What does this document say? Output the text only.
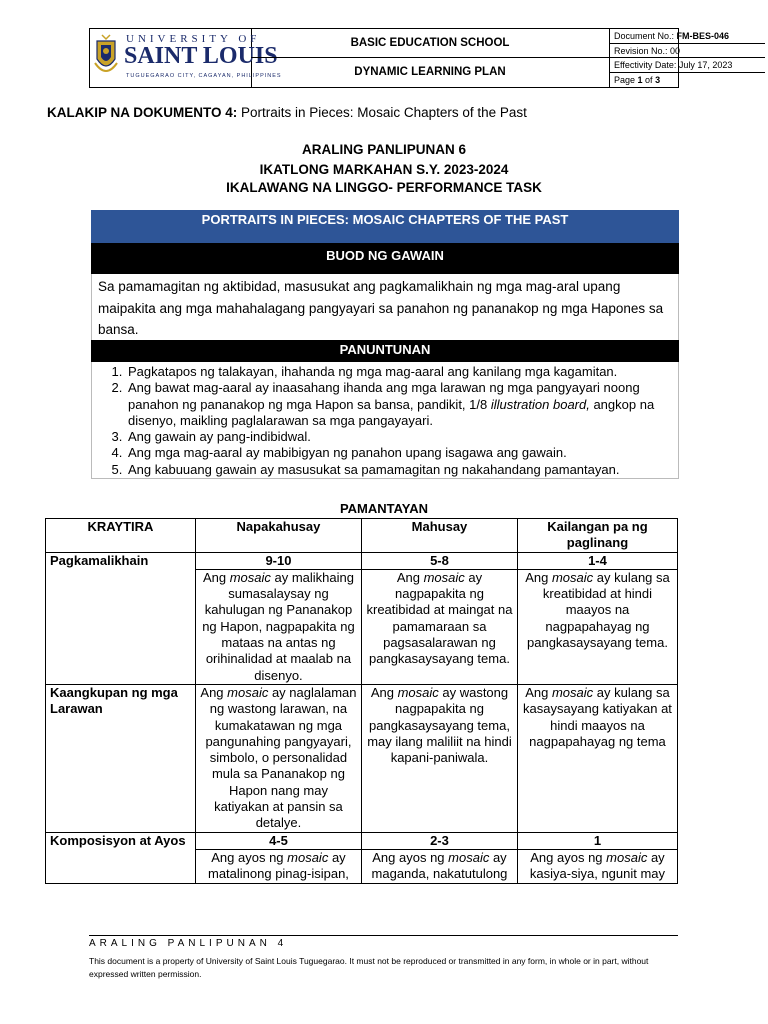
UNIVERSITY OF
SAINT LOUIS
TUGUEGARAO CITY, CAGAYAN, PHILIPPINES
BASIC EDUCATION SCHOOL
DYNAMIC LEARNING PLAN
Document No.: FM-BES-046
Revision No.: 00
Effectivity Date: July 17, 2023
Page 1 of 3
KALAKIP NA DOKUMENTO 4: Portraits in Pieces: Mosaic Chapters of the Past
ARALING PANLIPUNAN 6
IKATLONG MARKAHAN S.Y. 2023-2024
IKALAWANG NA LINGGO- PERFORMANCE TASK
PORTRAITS IN PIECES: MOSAIC CHAPTERS OF THE PAST
BUOD NG GAWAIN
Sa pamamagitan ng aktibidad, masusukat ang pagkamalikhain ng mga mag-aral upang maipakita ang mga mahahalagang pangyayari sa panahon ng pananakop ng mga Hapones sa bansa.
PANUNTUNAN
1. Pagkatapos ng talakayan, ihahanda ng mga mag-aaral ang kanilang mga kagamitan.
2. Ang bawat mag-aaral ay inaasahang ihanda ang mga larawan ng mga pangyayari noong panahon ng pananakop ng mga Hapon sa bansa, pandikit, 1/8 illustration board, angkop na disenyo, maikling paglalarawan sa mga pangayayari.
3. Ang gawain ay pang-indibidwal.
4. Ang mga mag-aaral ay mabibigyan ng panahon upang isagawa ang gawain.
5. Ang kabuuang gawain ay masusukat sa pamamagitan ng nakahandang pamantayan.
PAMANTAYAN
KRAYTIRA	Napakahusay	Mahusay	Kailangan pa ng paglinang
Pagkamalikhain	9-10	5-8	1-4
	Ang mosaic ay malikhaing sumasalaysay ng kahulugan ng Pananakop ng Hapon, nagpapakita ng mataas na antas ng orihinalidad at maalab na disenyo.	Ang mosaic ay nagpapakita ng kreatibidad at maingat na pamamaraan sa pagsasalarawan ng pangkasaysayang tema.	Ang mosaic ay kulang sa kreatibidad at hindi maayos na nagpapahayag ng pangkasaysayang tema.
Kaangkupan ng mga Larawan	Ang mosaic ay naglalaman ng wastong larawan, na kumakatawan ng mga pangunahing pangyayari, simbolo, o personalidad mula sa Pananakop ng Hapon nang may katiyakan at pansin sa detalye.	Ang mosaic ay wastong nagpapakita ng pangkasaysayang tema, may ilang maliliit na hindi kapani-paniwala.	Ang mosaic ay kulang sa kasaysayang katiyakan at hindi maayos na nagpapahayag ng tema
Komposisyon at Ayos	4-5	2-3	1
	Ang ayos ng mosaic ay matalinong pinag-isipan,	Ang ayos ng mosaic ay maganda, nakatutulong	Ang ayos ng mosaic ay kasiya-siya, ngunit may
ARALING PANLIPUNAN 4
This document is a property of University of Saint Louis Tuguegarao. It must not be reproduced or transmitted in any form, in whole or in part, without expressed written permission.
